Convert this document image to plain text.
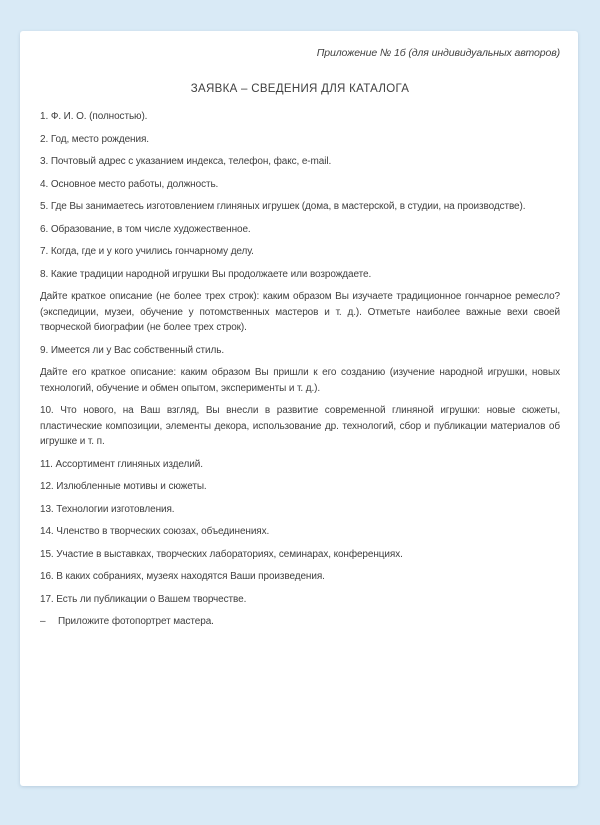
Приложение № 1б (для индивидуальных авторов)

ЗАЯВКА – СВЕДЕНИЯ ДЛЯ КАТАЛОГА

1. Ф. И. О. (полностью).

2. Год, место рождения.

3. Почтовый адрес с указанием индекса, телефон, факс, e-mail.

4. Основное место работы, должность.

5. Где Вы занимаетесь изготовлением глиняных игрушек (дома, в мастерской, в студии, на производстве).

6. Образование, в том числе художественное.

7. Когда, где и у кого учились гончарному делу.

8. Какие традиции народной игрушки Вы продолжаете или возрождаете.

Дайте краткое описание (не более трех строк): каким образом Вы изучаете традиционное гончарное ремесло? (экспедиции, музеи, обучение у потомственных мастеров и т. д.). Отметьте наиболее важные вехи своей творческой биографии (не более трех строк).

9. Имеется ли у Вас собственный стиль.

Дайте его краткое описание: каким образом Вы пришли к его созданию (изучение народной игрушки, новых технологий, обучение и обмен опытом, эксперименты и т. д.).

10. Что нового, на Ваш взгляд, Вы внесли в развитие современной глиняной игрушки: новые сюжеты, пластические композиции, элементы декора, использование др. технологий, сбор и публикации материалов об игрушке и т. п.

11. Ассортимент глиняных изделий.

12. Излюбленные мотивы и сюжеты.

13. Технологии изготовления.

14. Членство в творческих союзах, объединениях.

15. Участие в выставках, творческих лабораториях, семинарах, конференциях.

16. В каких собраниях, музеях находятся Ваши произведения.

17. Есть ли публикации о Вашем творчестве.

– Приложите фотопортрет мастера.
